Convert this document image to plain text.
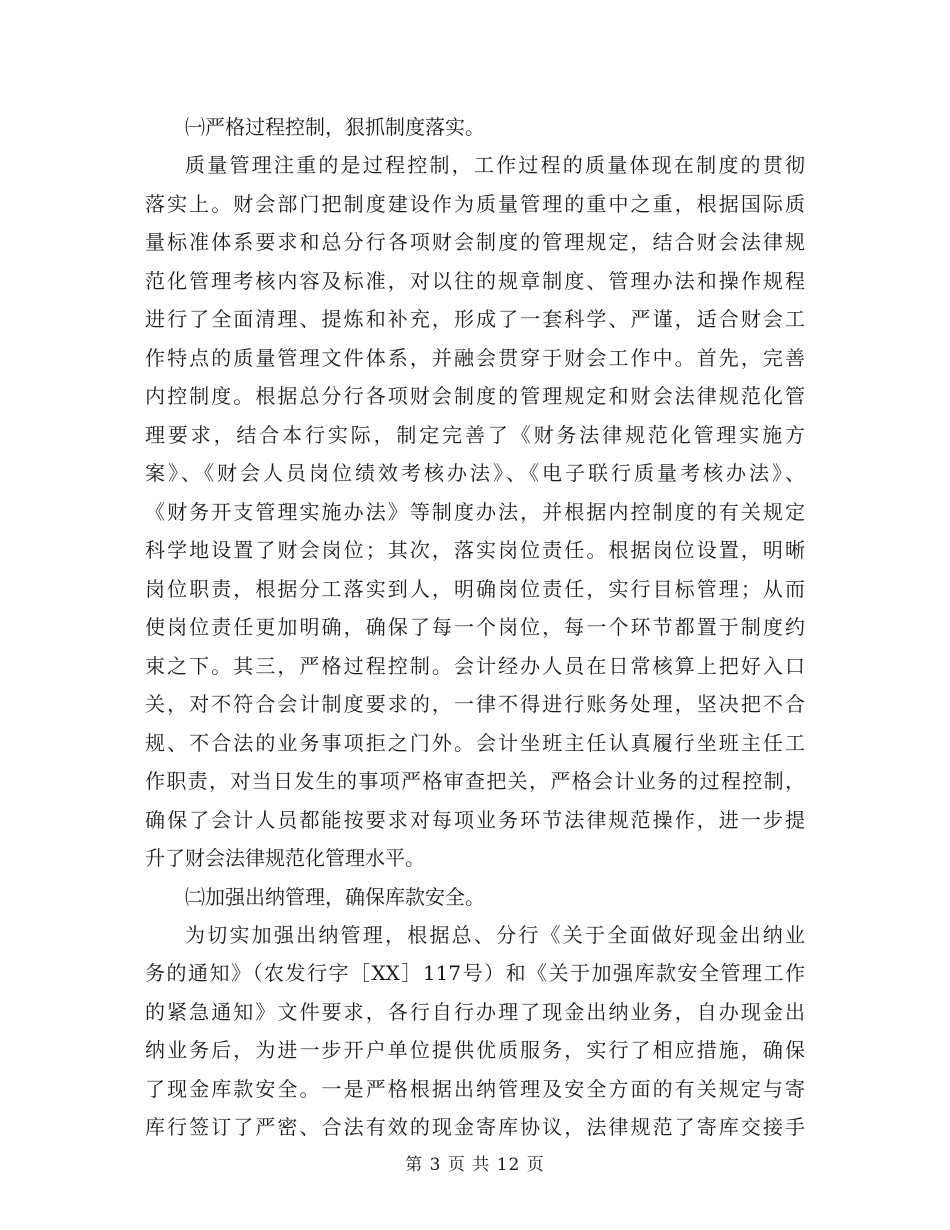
㈠严格过程控制，狠抓制度落实。

质量管理注重的是过程控制，工作过程的质量体现在制度的贯彻
落实上。财会部门把制度建设作为质量管理的重中之重，根据国际质
量标准体系要求和总分行各项财会制度的管理规定，结合财会法律规
范化管理考核内容及标准，对以往的规章制度、管理办法和操作规程
进行了全面清理、提炼和补充，形成了一套科学、严谨，适合财会工
作特点的质量管理文件体系，并融会贯穿于财会工作中。首先，完善
内控制度。根据总分行各项财会制度的管理规定和财会法律规范化管
理要求，结合本行实际，制定完善了《财务法律规范化管理实施方
案》、《财会人员岗位绩效考核办法》、《电子联行质量考核办法》、
《财务开支管理实施办法》等制度办法，并根据内控制度的有关规定
科学地设置了财会岗位；其次，落实岗位责任。根据岗位设置，明晰
岗位职责，根据分工落实到人，明确岗位责任，实行目标管理；从而
使岗位责任更加明确，确保了每一个岗位，每一个环节都置于制度约
束之下。其三，严格过程控制。会计经办人员在日常核算上把好入口
关，对不符合会计制度要求的，一律不得进行账务处理，坚决把不合
规、不合法的业务事项拒之门外。会计坐班主任认真履行坐班主任工
作职责，对当日发生的事项严格审查把关，严格会计业务的过程控制，
确保了会计人员都能按要求对每项业务环节法律规范操作，进一步提
升了财会法律规范化管理水平。

㈡加强出纳管理，确保库款安全。

为切实加强出纳管理，根据总、分行《关于全面做好现金出纳业
务的通知》（农发行字［XX］117号）和《关于加强库款安全管理工作
的紧急通知》文件要求，各行自行办理了现金出纳业务，自办现金出
纳业务后，为进一步开户单位提供优质服务，实行了相应措施，确保
了现金库款安全。一是严格根据出纳管理及安全方面的有关规定与寄
库行签订了严密、合法有效的现金寄库协议，法律规范了寄库交接手
第 3 页 共 12 页
